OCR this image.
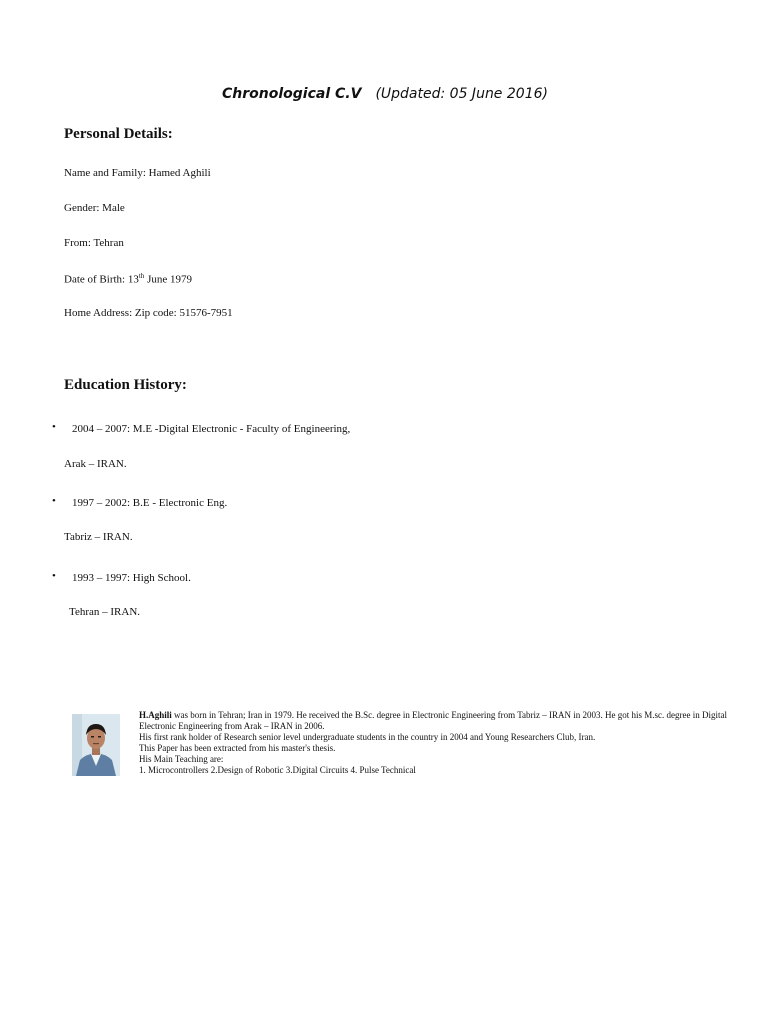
Chronological C.V (Updated: 05 June 2016)
Personal Details:
Name and Family: Hamed Aghili
Gender: Male
From: Tehran
Date of Birth: 13th June 1979
Home Address: Zip code: 51576-7951
Education History:
• 2004 – 2007: M.E -Digital Electronic - Faculty of Engineering,
Arak – IRAN.
• 1997 – 2002: B.E - Electronic Eng.
Tabriz – IRAN.
• 1993 – 1997: High School.
Tehran – IRAN.
H.Aghili was born in Tehran; Iran in 1979. He received the B.Sc. degree in Electronic Engineering from Tabriz – IRAN in 2003. He got his M.sc. degree in Digital Electronic Engineering from Arak – IRAN in 2006.
His first rank holder of Research senior level undergraduate students in the country in 2004 and Young Researchers Club, Iran.
This Paper has been extracted from his master's thesis.
His Main Teaching are:
1. Microcontrollers 2.Design of Robotic 3.Digital Circuits 4. Pulse Technical
